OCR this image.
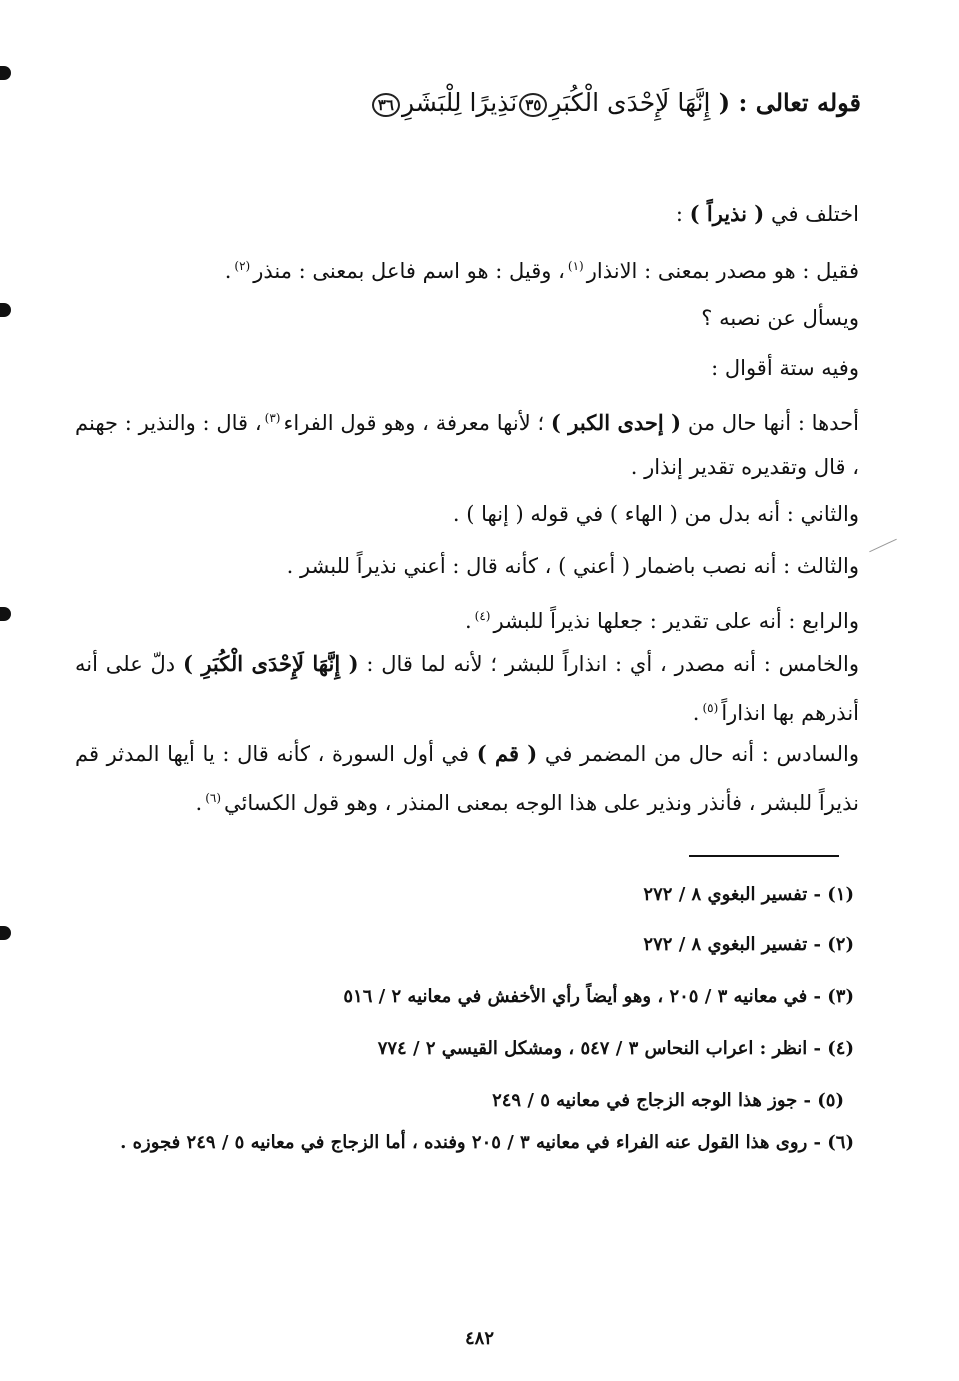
قوله تعالى : ( إِنَّهَا لَإِحْدَى الْكُبَرِ٣٥نَذِيرًا لِلْبَشَرِ٣٦
اختلف في ( نذيراً ) :
فقيل : هو مصدر بمعنى : الانذار$^{(١)}$، وقيل : هو اسم فاعل بمعنى : منذر$^{(٢)}$.
ويسأل عن نصبه ؟
وفيه ستة أقوال :
أحدها : أنها حال من ( إحدى الكبر ) ؛ لأنها معرفة ، وهو قول الفراء$^{(٣)}$، قال : والنذير : جهنم ، قال وتقديره تقدير إنذار .
والثاني : أنه بدل من ( الهاء ) في قوله ( إنها ) .
والثالث : أنه نصب باضمار ( أعني ) ، كأنه قال : أعني نذيراً للبشر .
والرابع : أنه على تقدير : جعلها نذيراً للبشر$^{(٤)}$.
والخامس : أنه مصدر ، أي : انذاراً للبشر ؛ لأنه لما قال : ( إِنَّهَا لَإِحْدَى الْكُبَرِ ) دلّ على أنه أنذرهم بها انذاراً$^{(٥)}$.
والسادس : أنه حال من المضمر في ( قم ) في أول السورة ، كأنه قال : يا أيها المدثر قم نذيراً للبشر ، فأنذر ونذير على هذا الوجه بمعنى المنذر ، وهو قول الكسائي$^{(٦)}$.
(١) - تفسير البغوي ٨ / ٢٧٢
(٢) - تفسير البغوي ٨ / ٢٧٢
(٣) - في معانيه ٣ / ٢٠٥ ، وهو أيضاً رأي الأخفش في معانيه ٢ / ٥١٦
(٤) - انظر : اعراب النحاس ٣ / ٥٤٧ ، ومشكل القيسي ٢ / ٧٧٤
(٥) - جوز هذا الوجه الزجاج في معانيه ٥ / ٢٤٩
(٦) - روى هذا القول عنه الفراء في معانيه ٣ / ٢٠٥ وفنده ، أما الزجاج في معانيه ٥ / ٢٤٩ فجوزه .
٤٨٢
